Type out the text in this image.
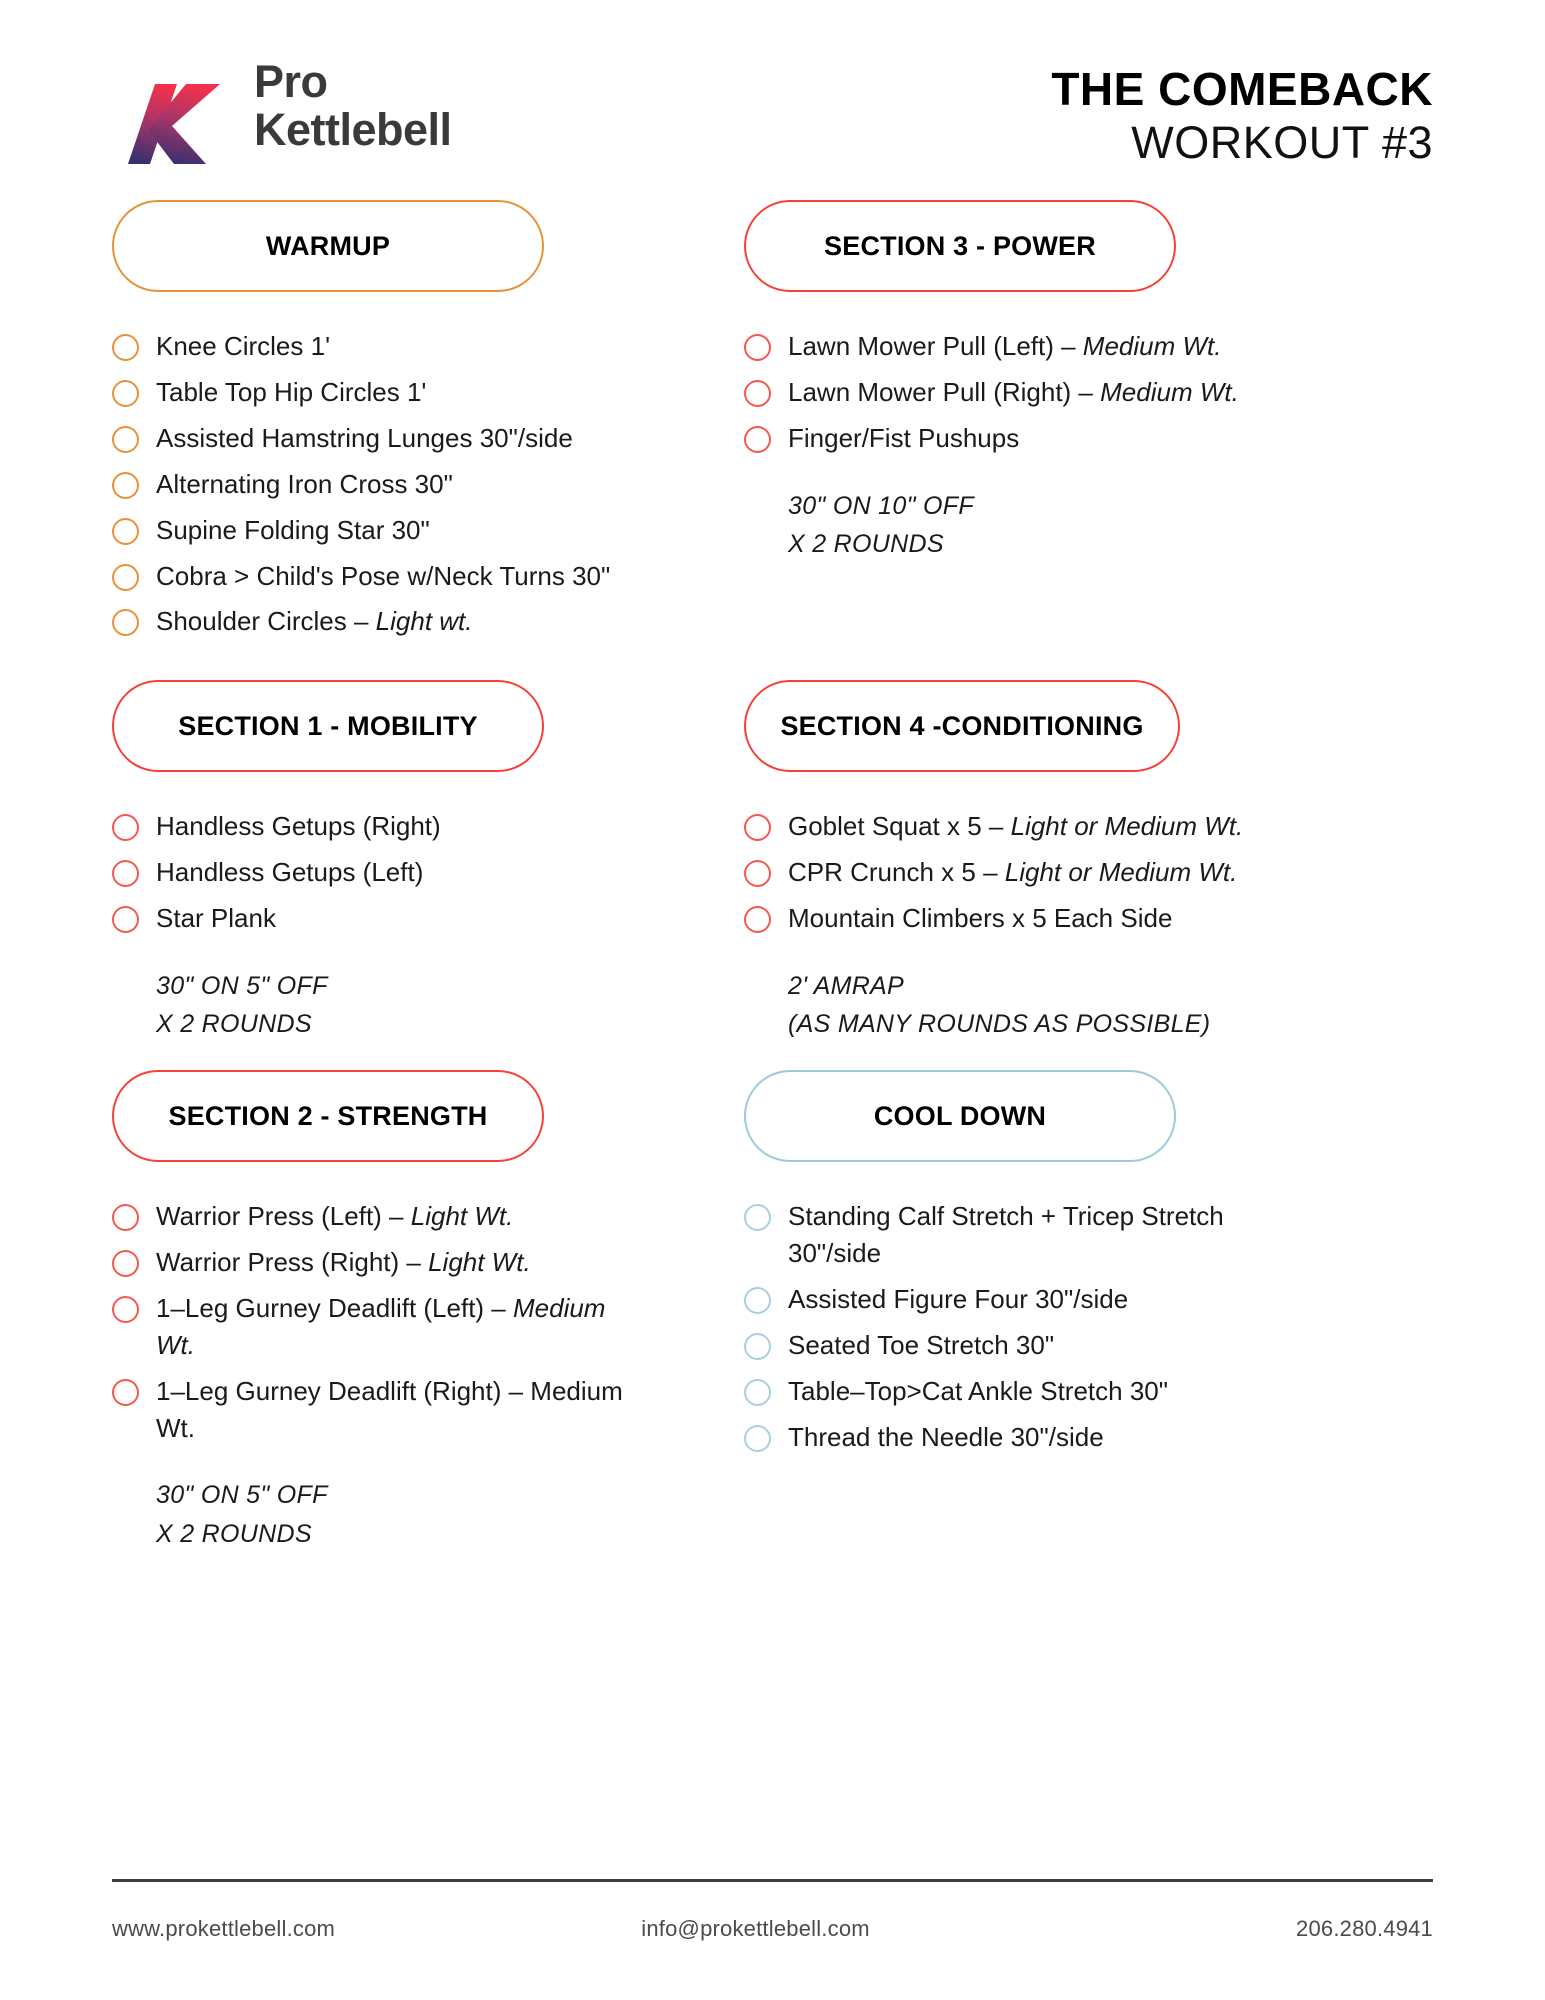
Pro
Kettlebell
THE COMEBACK
WORKOUT #3
WARMUP
Knee Circles 1'
Table Top Hip Circles 1'
Assisted Hamstring Lunges 30"/side
Alternating Iron Cross 30"
Supine Folding Star 30"
Cobra > Child's Pose w/Neck Turns 30"
Shoulder Circles – Light wt.
SECTION 1 - MOBILITY
Handless Getups (Right)
Handless Getups (Left)
Star Plank
30" ON 5" OFF
X 2 ROUNDS
SECTION 2 - STRENGTH
Warrior Press (Left) – Light Wt.
Warrior Press (Right) – Light Wt.
1–Leg Gurney Deadlift (Left) – Medium Wt.
1–Leg Gurney Deadlift (Right) – Medium Wt.
30" ON 5" OFF
X 2 ROUNDS
SECTION 3 - POWER
Lawn Mower Pull (Left) – Medium Wt.
Lawn Mower Pull (Right) – Medium Wt.
Finger/Fist Pushups
30" ON 10" OFF
X 2 ROUNDS
SECTION 4 -CONDITIONING
Goblet Squat x 5 – Light or Medium Wt.
CPR Crunch x 5 – Light or Medium Wt.
Mountain Climbers x 5 Each Side
2' AMRAP
(AS MANY ROUNDS AS POSSIBLE)
COOL DOWN
Standing Calf Stretch + Tricep Stretch 30"/side
Assisted Figure Four 30"/side
Seated Toe Stretch 30"
Table–Top>Cat Ankle Stretch 30"
Thread the Needle 30"/side
www.prokettlebell.com	info@prokettlebell.com	206.280.4941
